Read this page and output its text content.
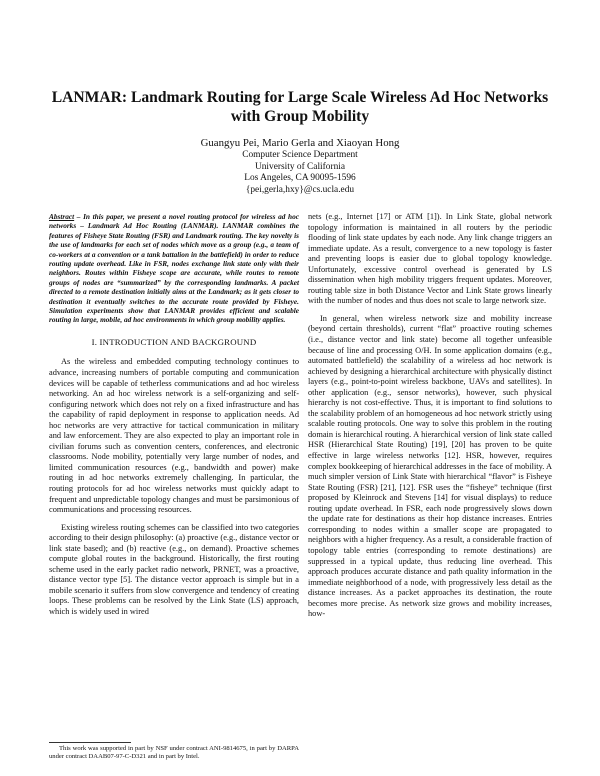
LANMAR: Landmark Routing for Large Scale Wireless Ad Hoc Networks with Group Mobility
Guangyu Pei, Mario Gerla and Xiaoyan Hong
Computer Science Department
University of California
Los Angeles, CA 90095-1596
{pei,gerla,hxy}@cs.ucla.edu

Abstract – In this paper, we present a novel routing protocol for wireless ad hoc networks – Landmark Ad Hoc Routing (LANMAR). LANMAR combines the features of Fisheye State Routing (FSR) and Landmark routing. The key novelty is the use of landmarks for each set of nodes which move as a group (e.g., a team of co-workers at a convention or a tank battalion in the battlefield) in order to reduce routing update overhead. Like in FSR, nodes exchange link state only with their neighbors. Routes within Fisheye scope are accurate, while routes to remote groups of nodes are “summarized” by the corresponding landmarks. A packet directed to a remote destination initially aims at the Landmark; as it gets closer to destination it eventually switches to the accurate route provided by Fisheye. Simulation experiments show that LANMAR provides efficient and scalable routing in large, mobile, ad hoc environments in which group mobility applies.

I. INTRODUCTION AND BACKGROUND

As the wireless and embedded computing technology continues to advance, increasing numbers of portable computing and communication devices will be capable of tetherless communications and ad hoc wireless networking. An ad hoc wireless network is a self-organizing and self-configuring network which does not rely on a fixed infrastructure and has the capability of rapid deployment in response to application needs. Ad hoc networks are very attractive for tactical communication in military and law enforcement. They are also expected to play an important role in civilian forums such as convention centers, conferences, and electronic classrooms. Node mobility, potentially very large number of nodes, and limited communication resources (e.g., bandwidth and power) make routing in ad hoc networks extremely challenging. In particular, the routing protocols for ad hoc wireless networks must quickly adapt to frequent and unpredictable topology changes and must be parsimonious of communications and processing resources.

Existing wireless routing schemes can be classified into two categories according to their design philosophy: (a) proactive (e.g., distance vector or link state based); and (b) reactive (e.g., on demand). Proactive schemes compute global routes in the background. Historically, the first routing scheme used in the early packet radio network, PRNET, was a proactive, distance vector type [5]. The distance vector approach is simple but in a mobile scenario it suffers from slow convergence and tendency of creating loops. These problems can be resolved by the Link State (LS) approach, which is widely used in wired

nets (e.g., Internet [17] or ATM [1]). In Link State, global network topology information is maintained in all routers by the periodic flooding of link state updates by each node. Any link change triggers an immediate update. As a result, convergence to a new topology is faster and preventing loops is easier due to global topology knowledge. Unfortunately, excessive control overhead is generated by LS dissemination when high mobility triggers frequent updates. Moreover, routing table size in both Distance Vector and Link State grows linearly with the number of nodes and thus does not scale to large network size.

In general, when wireless network size and mobility increase (beyond certain thresholds), current “flat” proactive routing schemes (i.e., distance vector and link state) become all together unfeasible because of line and processing O/H. In some application domains (e.g., automated battlefield) the scalability of a wireless ad hoc network is achieved by designing a hierarchical architecture with physically distinct layers (e.g., point-to-point wireless backbone, UAVs and satellites). In other application (e.g., sensor networks), however, such physical hierarchy is not cost-effective. Thus, it is important to find solutions to the scalability problem of an homogeneous ad hoc network strictly using scalable routing protocols. One way to solve this problem in the routing domain is hierarchical routing. A hierarchical version of link state called HSR (Hierarchical State Routing) [19], [20] has proven to be quite effective in large wireless networks [12]. HSR, however, requires complex bookkeeping of hierarchical addresses in the face of mobility. A much simpler version of Link State with hierarchical “flavor” is Fisheye State Routing (FSR) [21], [12]. FSR uses the “fisheye” technique (first proposed by Kleinrock and Stevens [14] for visual displays) to reduce routing update overhead. In FSR, each node progressively slows down the update rate for destinations as their hop distance increases. Entries corresponding to nodes within a smaller scope are propagated to neighbors with a higher frequency. As a result, a considerable fraction of topology table entries (corresponding to remote destinations) are suppressed in a typical update, thus reducing line overhead. This approach produces accurate distance and path quality information in the immediate neighborhood of a node, with progressively less detail as the distance increases. As a packet approaches its destination, the route becomes more precise. As network size grows and mobility increases, how-

This work was supported in part by NSF under contract ANI-9814675, in part by DARPA under contract DAAB07-97-C-D321 and in part by Intel.
